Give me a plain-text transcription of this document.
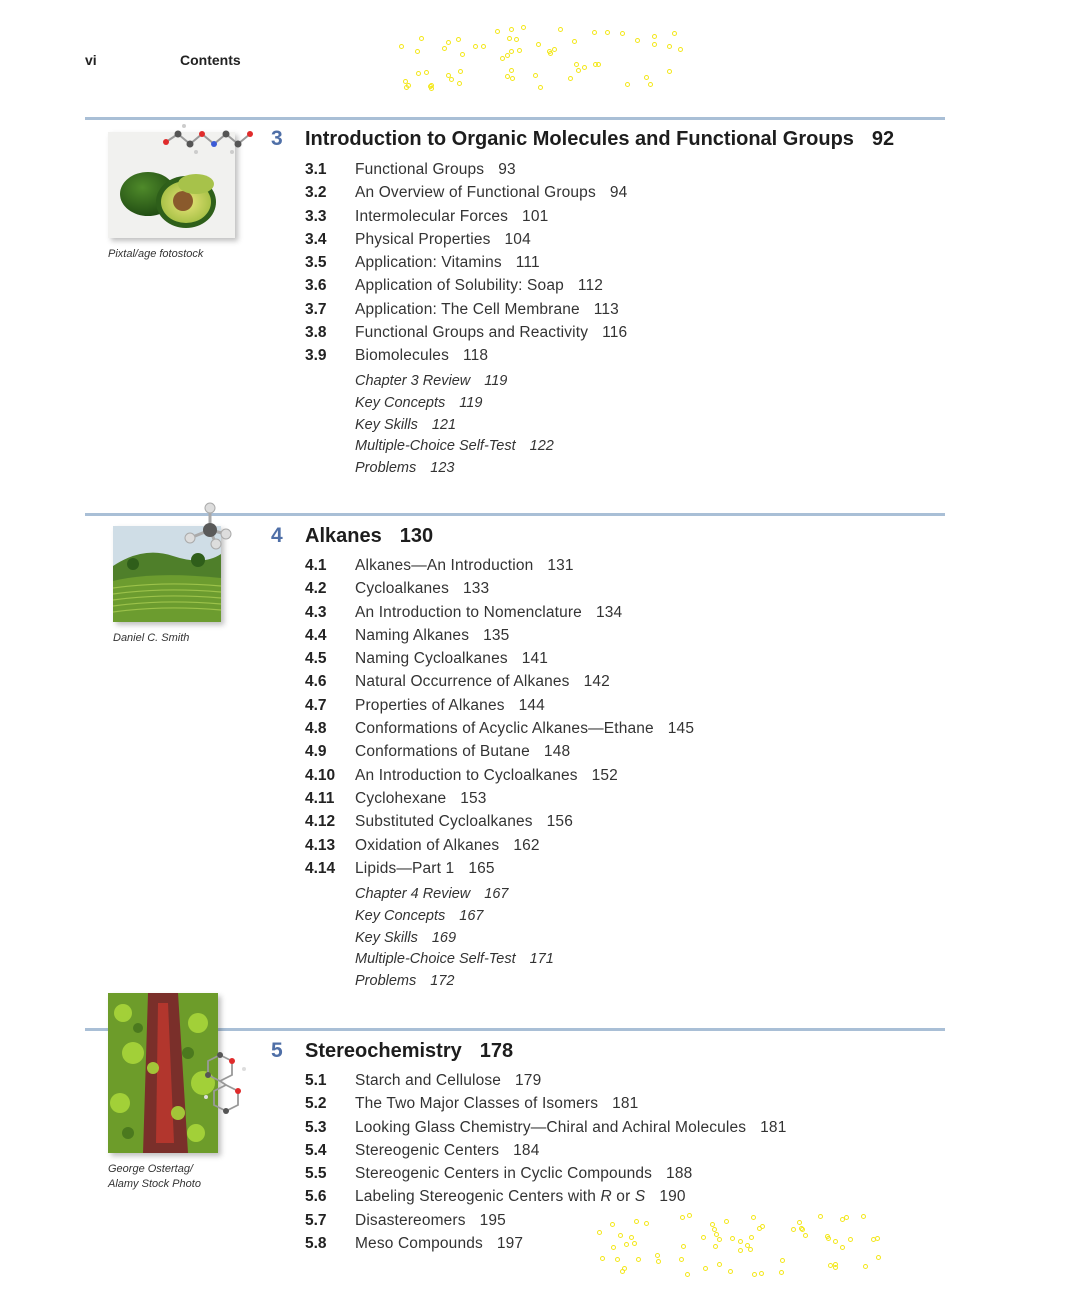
vi	Contents
Pixtal/age fotostock
3 Introduction to Organic Molecules and Functional Groups 92
3.1 Functional Groups 93
3.2 An Overview of Functional Groups 94
3.3 Intermolecular Forces 101
3.4 Physical Properties 104
3.5 Application: Vitamins 111
3.6 Application of Solubility: Soap 112
3.7 Application: The Cell Membrane 113
3.8 Functional Groups and Reactivity 116
3.9 Biomolecules 118
Chapter 3 Review 119
Key Concepts 119
Key Skills 121
Multiple-Choice Self-Test 122
Problems 123
Daniel C. Smith
4 Alkanes 130
4.1 Alkanes—An Introduction 131
4.2 Cycloalkanes 133
4.3 An Introduction to Nomenclature 134
4.4 Naming Alkanes 135
4.5 Naming Cycloalkanes 141
4.6 Natural Occurrence of Alkanes 142
4.7 Properties of Alkanes 144
4.8 Conformations of Acyclic Alkanes—Ethane 145
4.9 Conformations of Butane 148
4.10 An Introduction to Cycloalkanes 152
4.11 Cyclohexane 153
4.12 Substituted Cycloalkanes 156
4.13 Oxidation of Alkanes 162
4.14 Lipids—Part 1 165
Chapter 4 Review 167
Key Concepts 167
Key Skills 169
Multiple-Choice Self-Test 171
Problems 172
George Ostertag/
Alamy Stock Photo
5 Stereochemistry 178
5.1 Starch and Cellulose 179
5.2 The Two Major Classes of Isomers 181
5.3 Looking Glass Chemistry—Chiral and Achiral Molecules 181
5.4 Stereogenic Centers 184
5.5 Stereogenic Centers in Cyclic Compounds 188
5.6 Labeling Stereogenic Centers with R or S 190
5.7 Disastereomers 195
5.8 Meso Compounds 197
